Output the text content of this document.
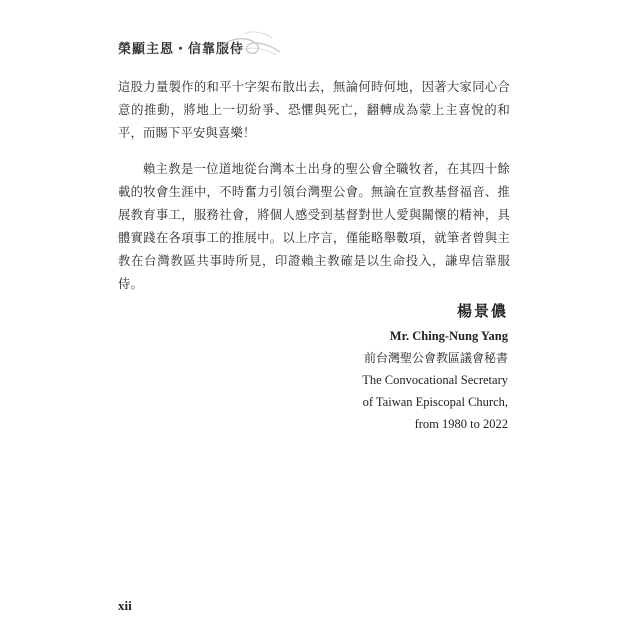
榮顯主恩・信靠服侍

這股力量製作的和平十字架布散出去，無論何時何地，因著大家同心合意的推動，將地上一切紛爭、恐懼與死亡，翻轉成為蒙上主喜悅的和平，而賜下平安與喜樂！

賴主教是一位道地從台灣本土出身的聖公會全職牧者，在其四十餘載的牧會生涯中，不時奮力引領台灣聖公會。無論在宣教基督福音、推展教育事工，服務社會，將個人感受到基督對世人愛與關懷的精神，具體實踐在各項事工的推展中。以上序言，僅能略舉數項，就筆者曾與主教在台灣教區共事時所見，印證賴主教確是以生命投入，謙卑信靠服侍。

楊景儂
Mr. Ching-Nung Yang
前台灣聖公會教區議會秘書
The Convocational Secretary
of Taiwan Episcopal Church,
from 1980 to 2022
xii
